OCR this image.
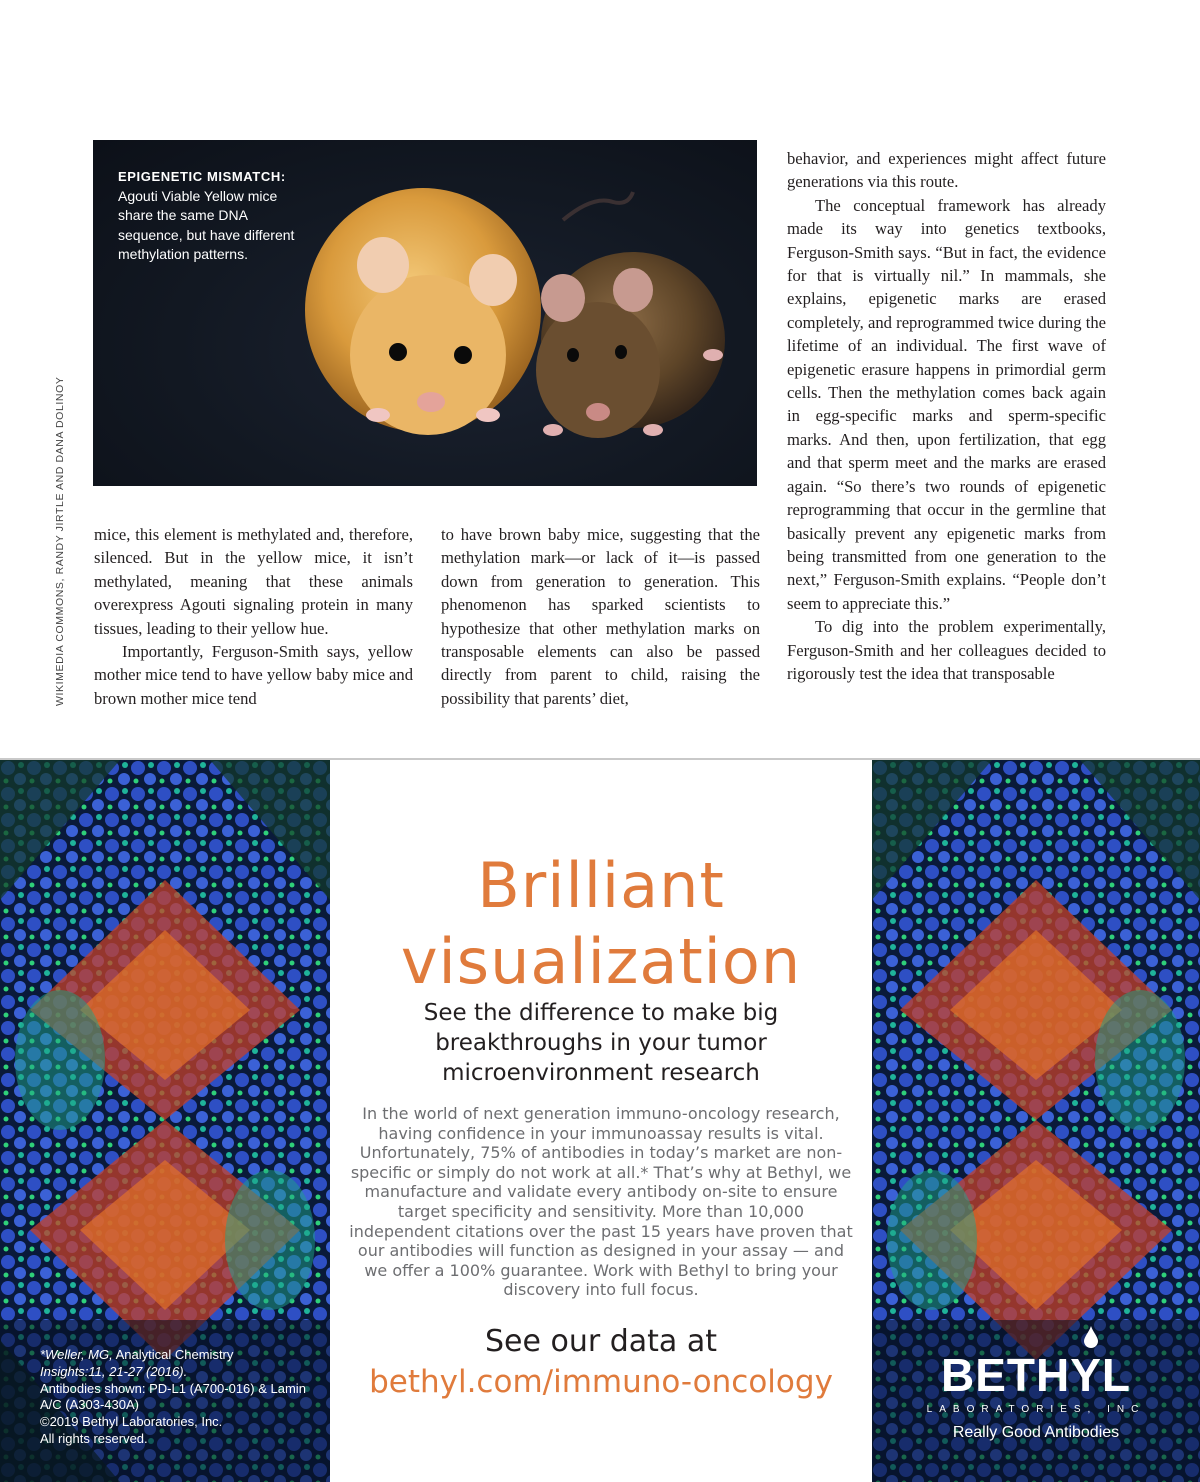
WIKIMEDIA COMMONS, RANDY JIRTLE AND DANA DOLINOY
EPIGENETIC MISMATCH:
Agouti Viable Yellow mice share the same DNA sequence, but have different methylation patterns.

mice, this element is methylated and, therefore, silenced. But in the yellow mice, it isn’t methylated, meaning that these animals overexpress Agouti signaling protein in many tissues, leading to their yellow hue.

Importantly, Ferguson-Smith says, yellow mother mice tend to have yellow baby mice and brown mother mice tend

to have brown baby mice, suggesting that the methylation mark—or lack of it—is passed down from generation to generation. This phenomenon has sparked scientists to hypothesize that other methylation marks on transposable elements can also be passed directly from parent to child, raising the possibility that parents’ diet,

behavior, and experiences might affect future generations via this route.

The conceptual framework has already made its way into genetics textbooks, Ferguson-Smith says. “But in fact, the evidence for that is virtually nil.” In mammals, she explains, epigenetic marks are erased completely, and reprogrammed twice during the lifetime of an individual. The first wave of epigenetic erasure happens in primordial germ cells. Then the methylation comes back again in egg-specific marks and sperm-specific marks. And then, upon fertilization, that egg and that sperm meet and the marks are erased again. “So there’s two rounds of epigenetic reprogramming that occur in the germline that basically prevent any epigenetic marks from being transmitted from one generation to the next,” Ferguson-Smith explains. “People don’t seem to appreciate this.”

To dig into the problem experimentally, Ferguson-Smith and her colleagues decided to rigorously test the idea that transposable

Brilliant
visualization
See the difference to make big breakthroughs in your tumor microenvironment research
In the world of next generation immuno-oncology research, having confidence in your immunoassay results is vital. Unfortunately, 75% of antibodies in today’s market are non-specific or simply do not work at all.* That’s why at Bethyl, we manufacture and validate every antibody on-site to ensure target specificity and sensitivity. More than 10,000 independent citations over the past 15 years have proven that our antibodies will function as designed in your assay — and we offer a 100% guarantee. Work with Bethyl to bring your discovery into full focus.
See our data at
bethyl.com/immuno-oncology
*Weller, MG, Analytical Chemistry
Insights:11, 21-27 (2016).
Antibodies shown: PD-L1 (A700-016) & Lamin A/C (A303-430A)
©2019 Bethyl Laboratories, Inc.
All rights reserved.
BETHYL
LABORATORIES, INC
Really Good Antibodies
